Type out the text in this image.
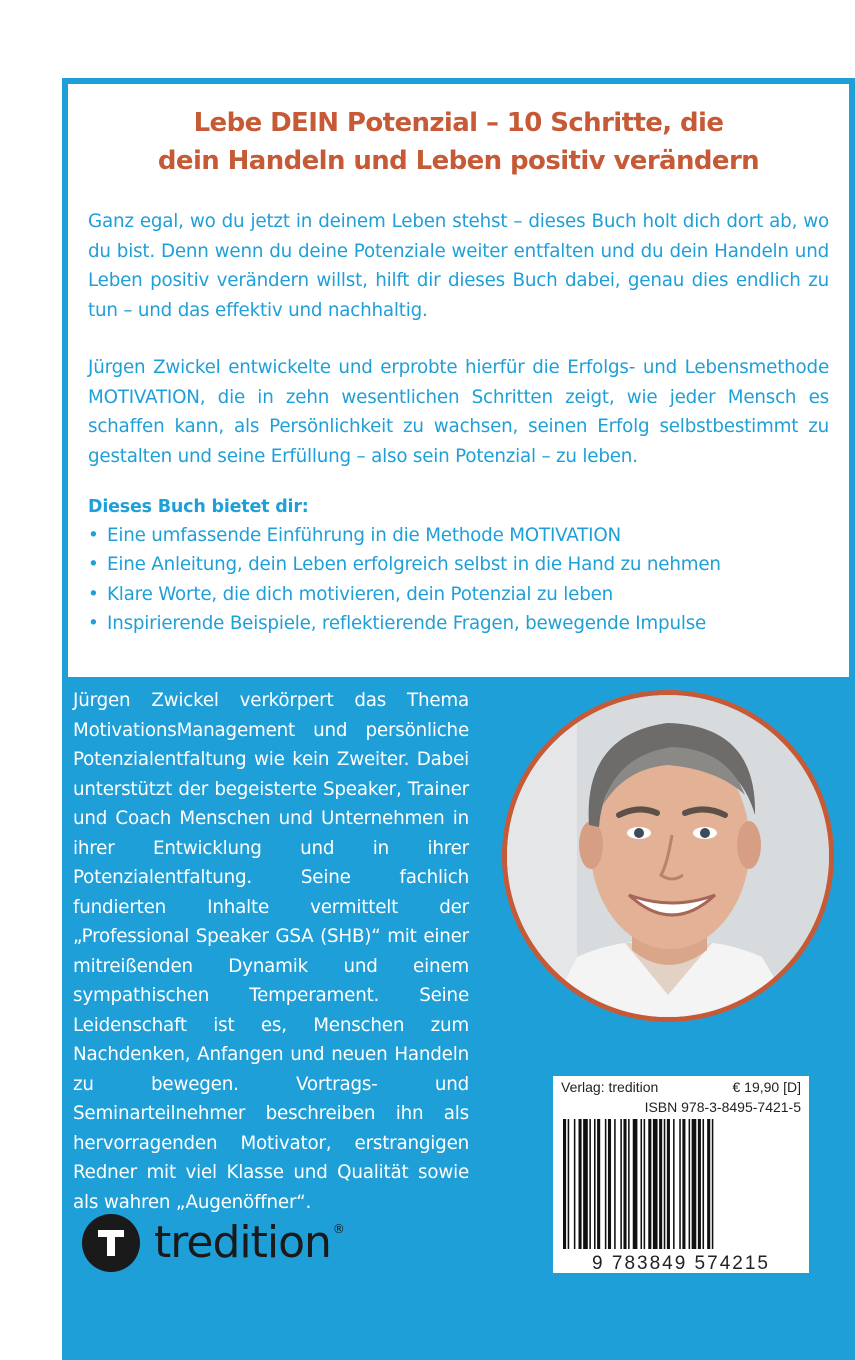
Lebe DEIN Potenzial – 10 Schritte, die
dein Handeln und Leben positiv verändern

Ganz egal, wo du jetzt in deinem Leben stehst – dieses Buch holt dich dort ab, wo du bist. Denn wenn du deine Potenziale weiter entfalten und du dein Handeln und Leben positiv verändern willst, hilft dir dieses Buch dabei, genau dies endlich zu tun – und das effektiv und nachhaltig.

Jürgen Zwickel entwickelte und erprobte hierfür die Erfolgs- und Lebensmethode MOTIVATION, die in zehn wesentlichen Schritten zeigt, wie jeder Mensch es schaffen kann, als Persönlichkeit zu wachsen, seinen Erfolg selbstbestimmt zu gestalten und seine Erfüllung – also sein Potenzial – zu leben.

Dieses Buch bietet dir:
• Eine umfassende Einführung in die Methode MOTIVATION
• Eine Anleitung, dein Leben erfolgreich selbst in die Hand zu nehmen
• Klare Worte, die dich motivieren, dein Potenzial zu leben
• Inspirierende Beispiele, reflektierende Fragen, bewegende Impulse

Jürgen Zwickel verkörpert das Thema MotivationsManagement und persönliche Potenzialentfaltung wie kein Zweiter. Dabei unterstützt der begeisterte Speaker, Trainer und Coach Menschen und Unternehmen in ihrer Entwicklung und in ihrer Potenzialentfaltung. Seine fachlich fundierten Inhalte vermittelt der „Professional Speaker GSA (SHB)“ mit einer mitreißenden Dynamik und einem sympathischen Temperament. Seine Leidenschaft ist es, Menschen zum Nachdenken, Anfangen und neuen Handeln zu bewegen. Vortrags- und Seminarteilnehmer beschreiben ihn als hervorragenden Motivator, erstrangigen Redner mit viel Klasse und Qualität sowie als wahren „Augenöffner“.

Verlag: tredition	€ 19,90 [D]
ISBN 978-3-8495-7421-5
9 783849 574215
tredition ®
